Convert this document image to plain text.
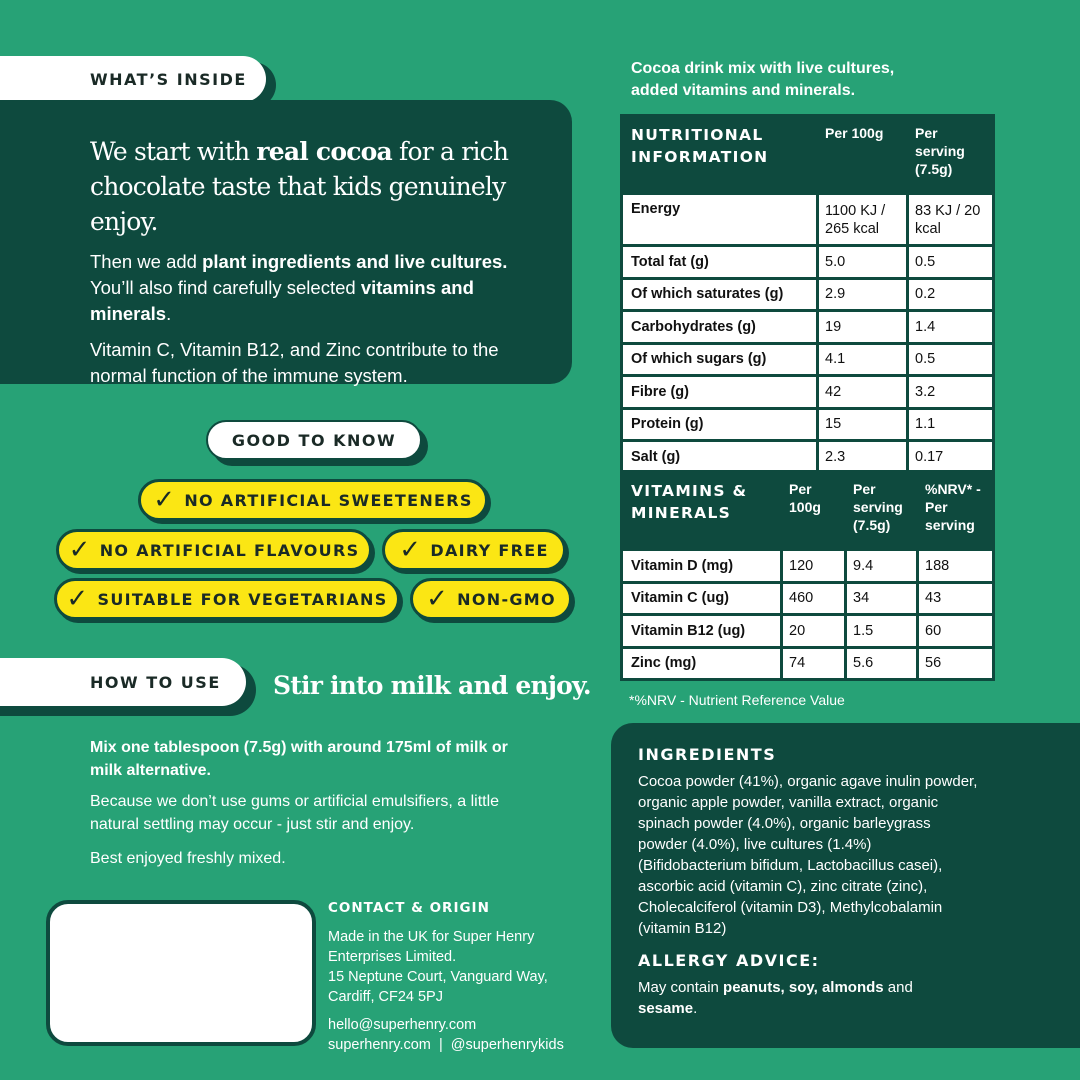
WHAT’S INSIDE
We start with real cocoa for a rich chocolate taste that kids genuinely enjoy.
Then we add plant ingredients and live cultures. You’ll also find carefully selected vitamins and minerals.
Vitamin C, Vitamin B12, and Zinc contribute to the normal function of the immune system.
GOOD TO KNOW
✓ NO ARTIFICIAL SWEETENERS
✓ NO ARTIFICIAL FLAVOURS ✓ DAIRY FREE
✓ SUITABLE FOR VEGETARIANS ✓ NON-GMO
HOW TO USE Stir into milk and enjoy.
Mix one tablespoon (7.5g) with around 175ml of milk or milk alternative.
Because we don’t use gums or artificial emulsifiers, a little natural settling may occur - just stir and enjoy.
Best enjoyed freshly mixed.
CONTACT & ORIGIN
Made in the UK for Super Henry
Enterprises Limited.
15 Neptune Court, Vanguard Way,
Cardiff, CF24 5PJ
hello@superhenry.com
superhenry.com  |  @superhenrykids
Cocoa drink mix with live cultures,
added vitamins and minerals.
NUTRITIONAL INFORMATION	Per 100g	Per serving (7.5g)
Energy	1100 KJ / 265 kcal	83 KJ / 20 kcal
Total fat (g)	5.0	0.5
Of which saturates (g)	2.9	0.2
Carbohydrates (g)	19	1.4
Of which sugars (g)	4.1	0.5
Fibre (g)	42	3.2
Protein (g)	15	1.1
Salt (g)	2.3	0.17
VITAMINS & MINERALS	Per 100g	Per serving (7.5g)	%NRV* - Per serving
Vitamin D (mg)	120	9.4	188
Vitamin C (ug)	460	34	43
Vitamin B12 (ug)	20	1.5	60
Zinc (mg)	74	5.6	56
*%NRV - Nutrient Reference Value
INGREDIENTS
Cocoa powder (41%), organic agave inulin powder, organic apple powder, vanilla extract, organic spinach powder (4.0%), organic barleygrass powder (4.0%), live cultures (1.4%) (Bifidobacterium bifidum, Lactobacillus casei), ascorbic acid (vitamin C), zinc citrate (zinc), Cholecalciferol (vitamin D3), Methylcobalamin (vitamin B12)
ALLERGY ADVICE:
May contain peanuts, soy, almonds and sesame.
